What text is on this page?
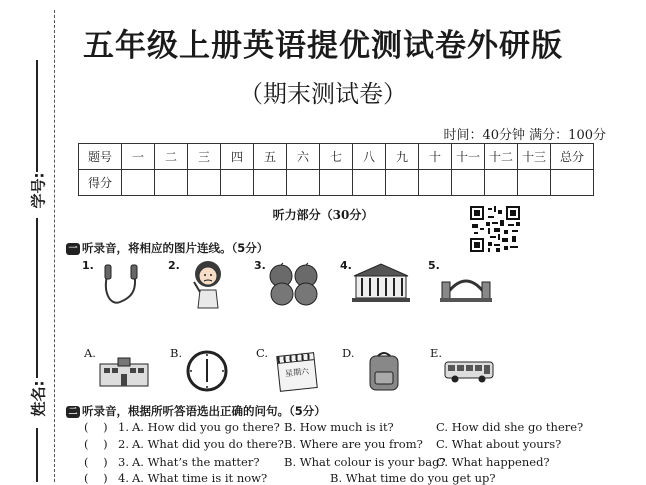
学号:
姓名:
五年级上册英语提优测试卷外研版
（期末测试卷）
时间：40分钟 满分：100分
题号	一	二	三	四	五	六	七	八	九	十	十一	十二	十三	总分
得分														
听力部分（30分）
一 听录音，将相应的图片连线。（5分）
1.	2.	3.	4.	5.
A.	B.	C.	D.	E.
星期六
二 听录音，根据所听答语选出正确的问句。（5分）
(    ) 1. A. How did you go there? B. How much is it?	C. How did she go there?
(    ) 2. A. What did you do there? B. Where are you from? C. What about yours?
(    ) 3. A. What’s the matter? B. What colour is your bag?
C. What happened?
(    ) 4. A. What time is it now?	B. What time do you get up?
